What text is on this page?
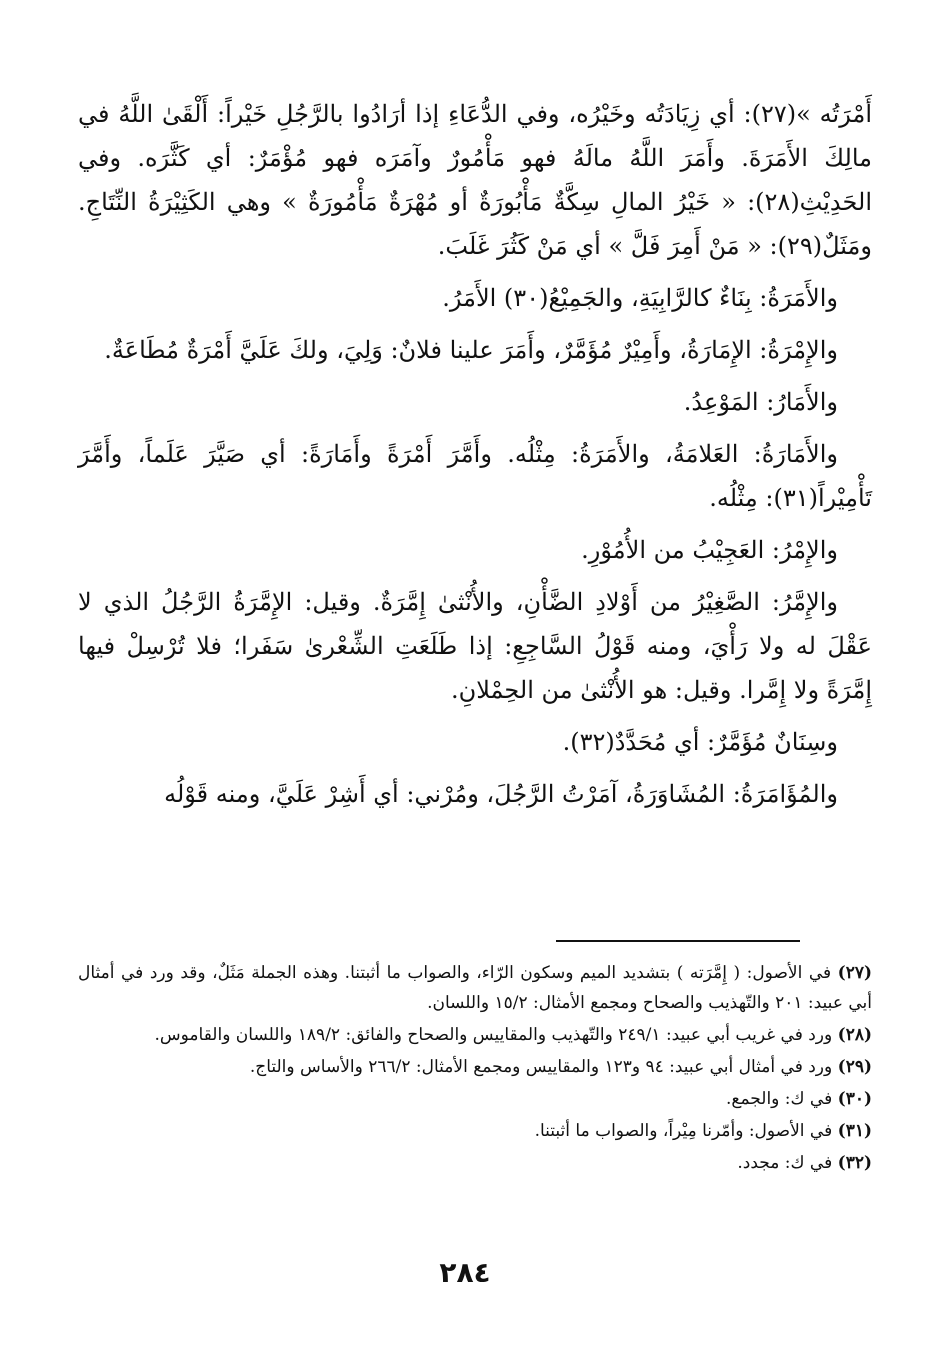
أَمْرَتُه »(٢٧): أي زِيَادَتُه وخَيْرُه، وفي الدُّعَاءِ إذا أرَادُوا بالرَّجُلِ خَيْراً: أَلْقَىٰ اللَّهُ في مالِكَ الأَمَرَةَ. وأَمَرَ اللَّهُ مالَهُ فهو مَأْمُورٌ وآمَرَه فهو مُؤْمَرٌ: أي كَثَّرَه. وفي الحَدِيْثِ(٢٨): « خَيْرُ المالِ سِكَّةٌ مَأْبُورَةٌ أو مُهْرَةٌ مَأْمُورَةٌ » وهي الكَثِيْرَةُ النِّتَاجِ. ومَثَلٌ(٢٩): « مَنْ أَمِرَ فَلَّ » أي مَنْ كَثُرَ غَلَبَ.

والأَمَرَةُ: بِنَاءٌ كالرَّابِيَةِ، والجَمِيْعُ(٣٠) الأَمَرُ.

والإِمْرَةُ: الإِمَارَةُ، وأَمِيْرٌ مُؤَمَّرٌ، وأَمَرَ علينا فلانٌ: وَلِيَ، ولكَ عَلَيَّ أَمْرَةٌ مُطَاعَةٌ.

والأَمَارُ: المَوْعِدُ.

والأَمَارَةُ: العَلامَةُ، والأَمَرَةُ: مِثْلُه. وأَمَّرَ أَمْرَةً وأَمَارَةً: أي صَيَّرَ عَلَماً، وأَمَّرَ تَأْمِيْراً(٣١): مِثْلُه.

والإِمْرُ: العَجِيْبُ من الأُمُوْرِ.

والإِمَّرُ: الصَّغِيْرُ من أَوْلادِ الضَّأْنِ، والأُنْثىٰ إِمَّرَةٌ. وقيل: الإِمَّرَةُ الرَّجُلُ الذي لا عَقْلَ له ولا رَأْيَ، ومنه قَوْلُ السَّاجِعِ: إذا طَلَعَتِ الشِّعْرىٰ سَفَرا؛ فلا تُرْسِلْ فيها إِمَّرَةً ولا إِمَّرا. وقيل: هو الأُنْثىٰ من الحِمْلانِ.

وسِنَانٌ مُؤَمَّرٌ: أي مُحَدَّدٌ(٣٢).

والمُؤَامَرَةُ: المُشَاوَرَةُ، آمَرْتُ الرَّجُلَ، ومُرْني: أي أَشِرْ عَلَيَّ، ومنه قَوْلُه

(٢٧) في الأصول: ( إِمَّرَته ) بتشديد الميم وسكون الرّاء، والصواب ما أثبتنا. وهذه الجملة مَثَلٌ، وقد ورد في أمثال أبي عبيد: ٢٠١ والتّهذيب والصحاح ومجمع الأمثال: ١٥/٢ واللسان.

(٢٨) ورد في غريب أبي عبيد: ٢٤٩/١ والتّهذيب والمقاييس والصحاح والفائق: ١٨٩/٢ واللسان والقاموس.

(٢٩) ورد في أمثال أبي عبيد: ٩٤ و١٢٣ والمقاييس ومجمع الأمثال: ٢٦٦/٢ والأساس والتاج.

(٣٠) في ك: والجمع.

(٣١) في الأصول: وأمّرنا مِيْراً، والصواب ما أثبتنا.

(٣٢) في ك: مجدد.

٢٨٤
